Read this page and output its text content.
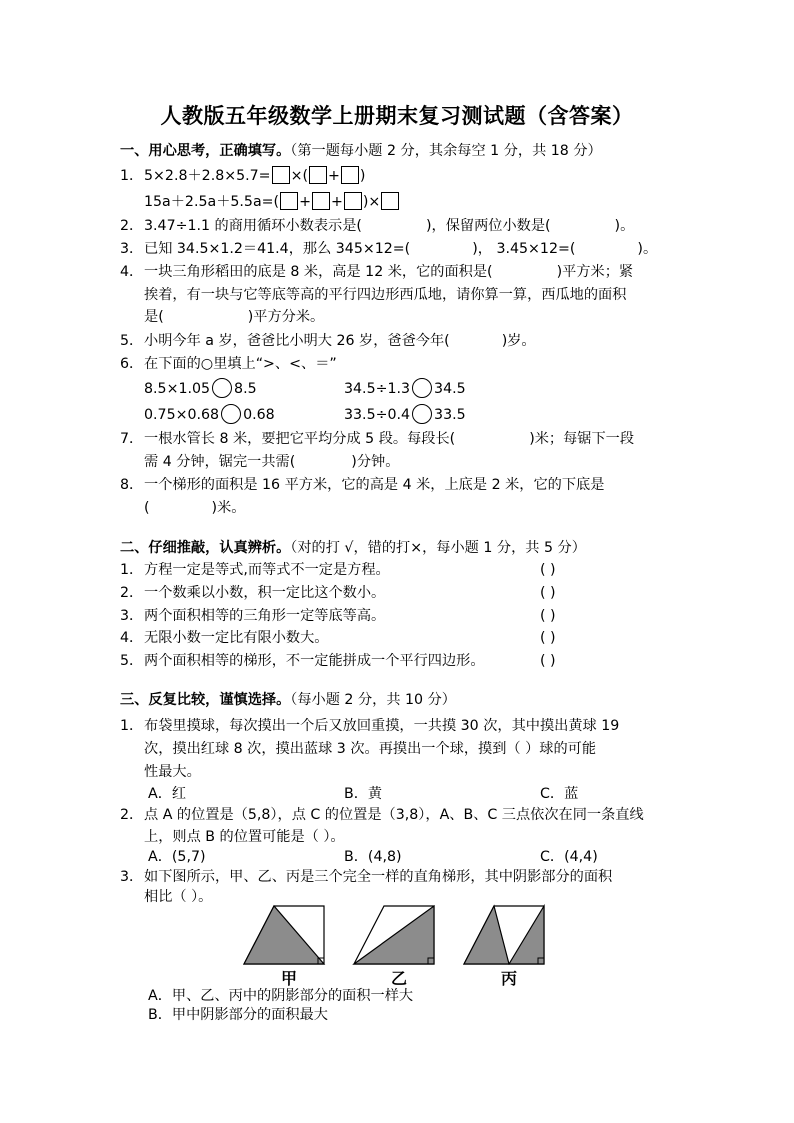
人教版五年级数学上册期末复习测试题（含答案）
一、用心思考，正确填写。（第一题每小题 2 分，其余每空 1 分，共 18 分）
1．5×2.8＋2.8×5.7= ×( + )
15a＋2.5a＋5.5a=( + + )×
2．3.47÷1.1 的商用循环小数表示是(	)，保留两位小数是(	)。
3．已知 34.5×1.2＝41.4，那么 345×12=(	)， 3.45×12=(	)。
4．一块三角形稻田的底是 8 米，高是 12 米，它的面积是(	)平方米；紧
挨着，有一块与它等底等高的平行四边形西瓜地，请你算一算，西瓜地的面积
是(	)平方分米。
5．小明今年 a 岁，爸爸比小明大 26 岁，爸爸今年(	)岁。
6．在下面的○里填上“>、<、＝”
8.5×1.05 8.5	34.5÷1.3 34.5
0.75×0.68 0.68	33.5÷0.4 33.5
7．一根水管长 8 米，要把它平均分成 5 段。每段长(	)米；每锯下一段
需 4 分钟，锯完一共需(	)分钟。
8．一个梯形的面积是 16 平方米，它的高是 4 米，上底是 2 米，它的下底是
(	)米。
二、仔细推敲，认真辨析。（对的打 √，错的打×，每小题 1 分，共 5 分）
1．方程一定是等式,而等式不一定是方程。	( )
2．一个数乘以小数，积一定比这个数小。	( )
3．两个面积相等的三角形一定等底等高。	( )
4．无限小数一定比有限小数大。	( )
5．两个面积相等的梯形，不一定能拼成一个平行四边形。	( )
三、反复比较，谨慎选择。（每小题 2 分，共 10 分）
1．布袋里摸球，每次摸出一个后又放回重摸，一共摸 30 次，其中摸出黄球 19
次，摸出红球 8 次，摸出蓝球 3 次。再摸出一个球，摸到（ ）球的可能
性最大。
A．红	B．黄	C．蓝
2．点 A 的位置是（5,8），点 C 的位置是（3,8），A、B、C 三点依次在同一条直线
上，则点 B 的位置可能是（ ）。
A．(5,7)	B．(4,8)	C．(4,4)
3．如下图所示，甲、乙、丙是三个完全一样的直角梯形，其中阴影部分的面积
相比（ ）。
甲	乙	丙
A．甲、乙、丙中的阴影部分的面积一样大
B．甲中阴影部分的面积最大
